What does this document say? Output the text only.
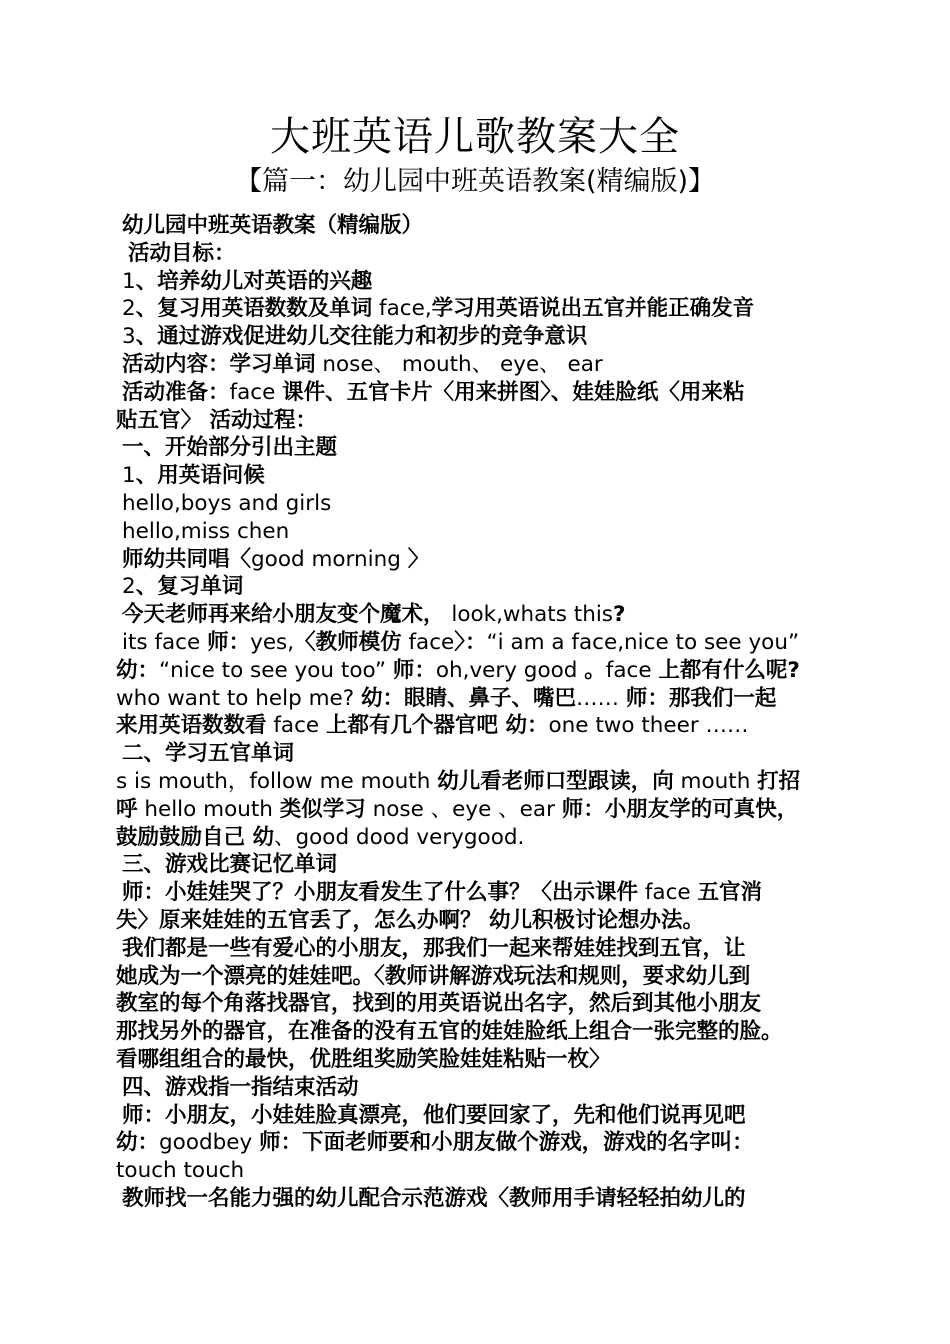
大班英语儿歌教案大全
【篇一：幼儿园中班英语教案(精编版)】
幼儿园中班英语教案（精编版）
活动目标：
1、培养幼儿对英语的兴趣
2、复习用英语数数及单词 face,学习用英语说出五官并能正确发音
3、通过游戏促进幼儿交往能力和初步的竞争意识
活动内容：学习单词 nose、 mouth、 eye、 ear
活动准备：face 课件、五官卡片〈用来拼图〉、娃娃脸纸〈用来粘
贴五官〉 活动过程：
一、开始部分引出主题
1、用英语问候
hello,boys and girls
hello,miss chen
师幼共同唱〈good morning 〉
2、复习单词
今天老师再来给小朋友变个魔术， look,whats this?
its face 师：yes,〈教师模仿 face〉：“i am a face,nice to see you”
幼：“nice to see you too” 师：oh,very good 。face 上都有什么呢?
who want to help me? 幼：眼睛、鼻子、嘴巴…… 师：那我们一起
来用英语数数看 face 上都有几个器官吧 幼：one two theer ……
二、学习五官单词
s is mouth，follow me mouth 幼儿看老师口型跟读，向 mouth 打招
呼 hello mouth 类似学习 nose 、eye 、ear 师：小朋友学的可真快，
鼓励鼓励自己 幼、good dood verygood.
三、游戏比赛记忆单词
师：小娃娃哭了？小朋友看发生了什么事？〈出示课件 face 五官消
失〉原来娃娃的五官丢了，怎么办啊？ 幼儿积极讨论想办法。
我们都是一些有爱心的小朋友，那我们一起来帮娃娃找到五官，让
她成为一个漂亮的娃娃吧。〈教师讲解游戏玩法和规则，要求幼儿到
教室的每个角落找器官，找到的用英语说出名字，然后到其他小朋友
那找另外的器官，在准备的没有五官的娃娃脸纸上组合一张完整的脸。
看哪组组合的最快，优胜组奖励笑脸娃娃粘贴一枚〉
四、游戏指一指结束活动
师：小朋友，小娃娃脸真漂亮，他们要回家了，先和他们说再见吧
幼：goodbey 师：下面老师要和小朋友做个游戏，游戏的名字叫：
touch touch
教师找一名能力强的幼儿配合示范游戏〈教师用手请轻轻拍幼儿的
